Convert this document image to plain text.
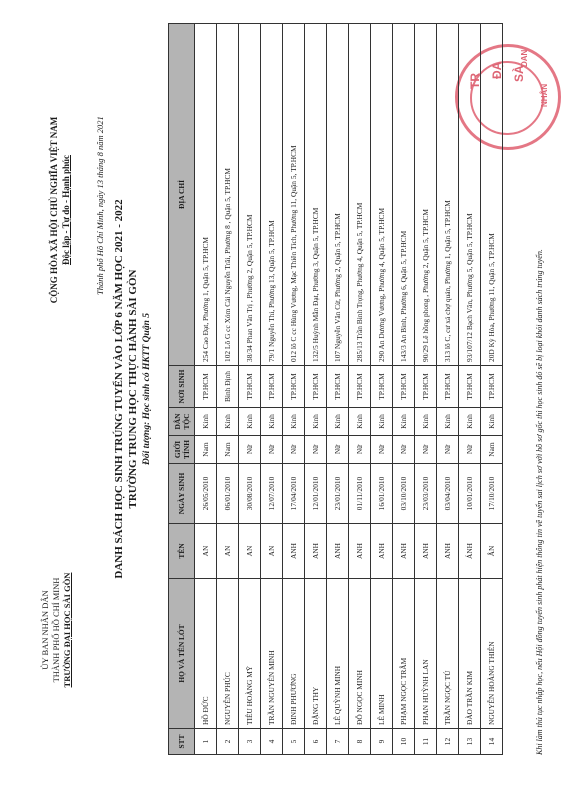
ỦY BAN NHÂN DÂN THÀNH PHỐ HỒ CHÍ MINH TRƯỜNG ĐẠI HỌC SÀI GÒN
CỘNG HÒA XÃ HỘI CHỦ NGHĨA VIỆT NAM Độc lập - Tự do - Hạnh phúc	Thành phố Hồ Chí Minh, ngày 13 tháng 8 năm 2021
TR
ĐẠ SÀ
DAN
NHÂN
DANH SÁCH HỌC SINH TRÚNG TUYỂN VÀO LỚP 6 NĂM HỌC 2021 - 2022 TRƯỜNG TRUNG HỌC THỰC HÀNH SÀI GÒN Đối tượng: Học sinh có HKTT Quận 5
STT	HỌ VÀ TÊN LÓT	TÊN	NGÀY SINH	GIỚI TÍNH	DÂN TỘC	NƠI SINH	ĐỊA CHỈ
1	HỒ ĐỨC	AN	26/05/2010	Nam	Kinh	TP.HCM	254 Cao Đạt, Phường 1, Quận 5, TP.HCM
2	NGUYỄN PHÚC	AN	06/01/2010	Nam	Kinh	Bình Định	102 Lô G cc Xóm Cải Nguyễn Trãi, Phường 8 , Quận 5, TP.HCM
3	TIÊU HOÀNG MỸ	AN	30/08/2010	Nữ	Kinh	TP.HCM	38/34 Phan Văn Trị , Phường 2, Quận 5, TP.HCM
4	TRẦN NGUYÊN MINH	AN	12/07/2010	Nữ	Kinh	TP.HCM	79/1 Nguyễn Thi, Phường 13, Quận 5, TP.HCM
5	ĐINH PHƯƠNG	ANH	17/04/2010	Nữ	Kinh	TP.HCM	012 lô C cc Hùng Vương, Mạc Thiên Tích, Phường 11, Quận 5, TP.HCM
6	ĐẶNG THY	ANH	12/01/2010	Nữ	Kinh	TP.HCM	132/5 Huỳnh Mẫn Đạt, Phường 3, Quận 5, TP.HCM
7	LÊ QUỲNH MINH	ANH	23/01/2010	Nữ	Kinh	TP.HCM	107 Nguyễn Văn Cừ, Phường 2, Quận 5, TP.HCM
8	ĐỖ NGỌC MINH	ANH	01/11/2010	Nữ	Kinh	TP.HCM	285/13 Trần Bình Trọng, Phường 4, Quận 5, TP.HCM
9	LÊ MINH	ANH	16/01/2010	Nữ	Kinh	TP.HCM	290 An Dương Vương, Phường 4, Quận 5, TP.HCM
10	PHẠM NGỌC TRÂM	ANH	03/10/2010	Nữ	Kinh	TP.HCM	143/3 An Bình, Phường 6, Quận 5, TP.HCM
11	PHAN HUỲNH LAN	ANH	23/03/2010	Nữ	Kinh	TP.HCM	90/29 Lê hồng phong , Phường 2, Quận 5, TP.HCM
12	TRẦN NGỌC TÚ	ANH	03/04/2010	Nữ	Kinh	TP.HCM	313 lô C, cư xá chợ quán, Phường 1, Quận 5, TP.HCM
13	ĐÀO TRẦN KIM	ÁNH	10/01/2010	Nữ	Kinh	TP.HCM	93/107/12 Bạch Vân, Phường 5, Quận 5, TP.HCM
14	NGUYỄN HOÀNG THIÊN	ÂN	17/10/2010	Nam	Kinh	TP.HCM	20D Kỳ Hòa, Phường 11, Quận 5, TP.HCM	Khi làm thủ tục nhập học, nếu Hội đồng tuyển sinh phát hiện thông tin về tuyển sai lịch sơ với hồ sơ gốc thì học sinh đó sẽ bị loại khỏi danh sách trúng tuyển.
